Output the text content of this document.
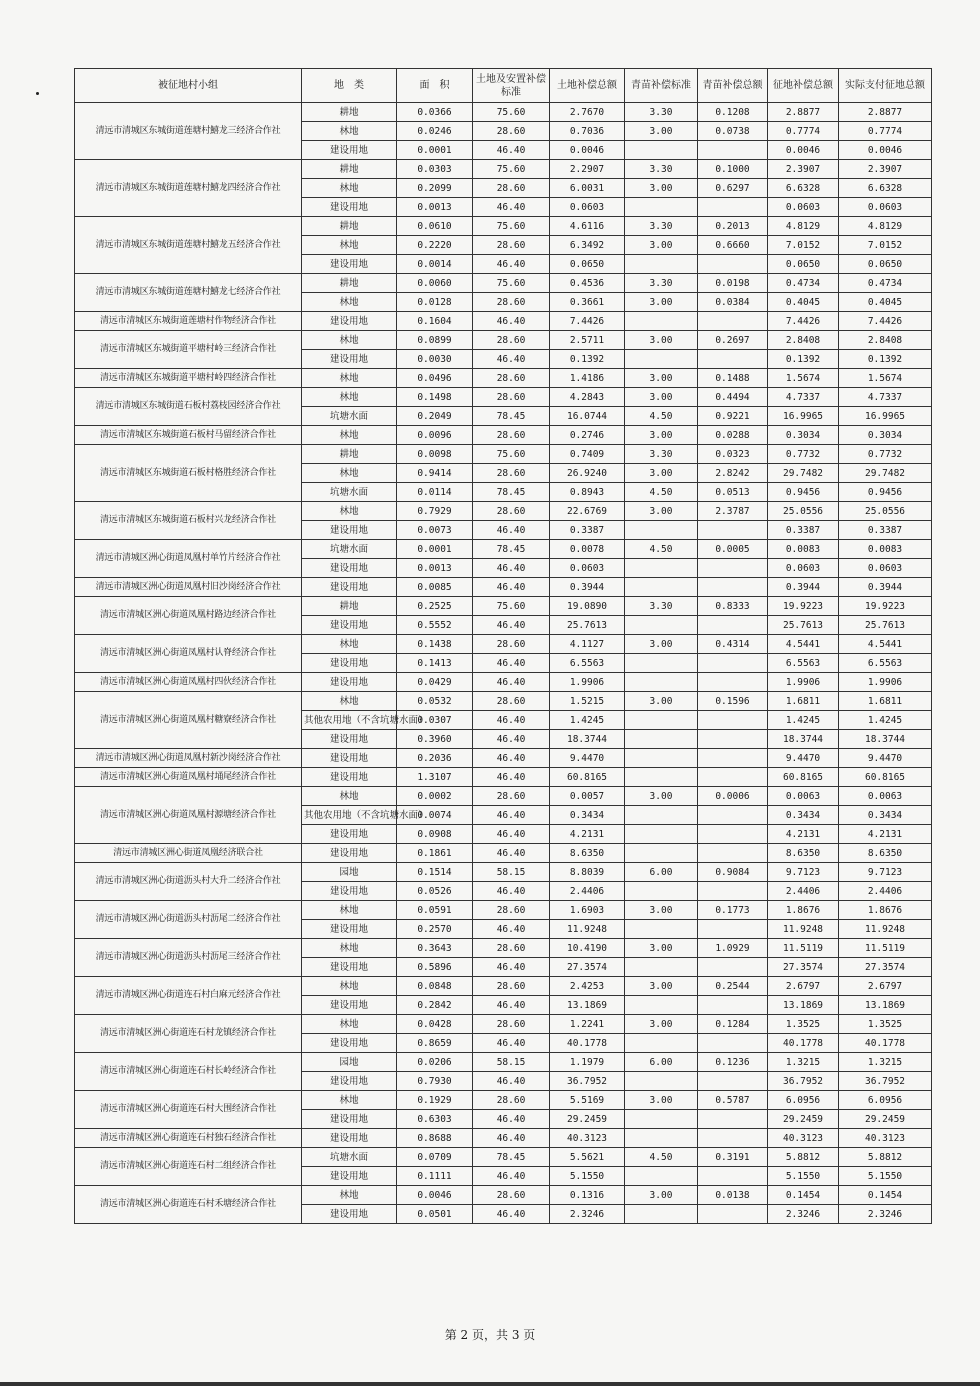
被征地村小组	地　类	面　积	土地及安置补偿标准	土地补偿总额	青苗补偿标准	青苗补偿总额	征地补偿总额	实际支付征地总额
清远市清城区东城街道莲塘村鱚龙三经济合作社	耕地	0.0366	75.60	2.7670	3.30	0.1208	2.8877	2.8877
	林地	0.0246	28.60	0.7036	3.00	0.0738	0.7774	0.7774
	建设用地	0.0001	46.40	0.0046			0.0046	0.0046
清远市清城区东城街道莲塘村鱚龙四经济合作社	耕地	0.0303	75.60	2.2907	3.30	0.1000	2.3907	2.3907
	林地	0.2099	28.60	6.0031	3.00	0.6297	6.6328	6.6328
	建设用地	0.0013	46.40	0.0603			0.0603	0.0603
清远市清城区东城街道莲塘村鱚龙五经济合作社	耕地	0.0610	75.60	4.6116	3.30	0.2013	4.8129	4.8129
	林地	0.2220	28.60	6.3492	3.00	0.6660	7.0152	7.0152
	建设用地	0.0014	46.40	0.0650			0.0650	0.0650
清远市清城区东城街道莲塘村鱚龙七经济合作社	耕地	0.0060	75.60	0.4536	3.30	0.0198	0.4734	0.4734
	林地	0.0128	28.60	0.3661	3.00	0.0384	0.4045	0.4045
清远市清城区东城街道莲塘村作物经济合作社	建设用地	0.1604	46.40	7.4426			7.4426	7.4426
清远市清城区东城街道平塘村岭三经济合作社	林地	0.0899	28.60	2.5711	3.00	0.2697	2.8408	2.8408
	建设用地	0.0030	46.40	0.1392			0.1392	0.1392
清远市清城区东城街道平塘村岭四经济合作社	林地	0.0496	28.60	1.4186	3.00	0.1488	1.5674	1.5674
清远市清城区东城街道石板村荔枝园经济合作社	林地	0.1498	28.60	4.2843	3.00	0.4494	4.7337	4.7337
	坑塘水面	0.2049	78.45	16.0744	4.50	0.9221	16.9965	16.9965
清远市清城区东城街道石板村马留经济合作社	林地	0.0096	28.60	0.2746	3.00	0.0288	0.3034	0.3034
清远市清城区东城街道石板村格胜经济合作社	耕地	0.0098	75.60	0.7409	3.30	0.0323	0.7732	0.7732
	林地	0.9414	28.60	26.9240	3.00	2.8242	29.7482	29.7482
	坑塘水面	0.0114	78.45	0.8943	4.50	0.0513	0.9456	0.9456
清远市清城区东城街道石板村兴龙经济合作社	林地	0.7929	28.60	22.6769	3.00	2.3787	25.0556	25.0556
	建设用地	0.0073	46.40	0.3387			0.3387	0.3387
清远市清城区洲心街道凤凰村单竹片经济合作社	坑塘水面	0.0001	78.45	0.0078	4.50	0.0005	0.0083	0.0083
	建设用地	0.0013	46.40	0.0603			0.0603	0.0603
清远市清城区洲心街道凤凰村旧沙岗经济合作社	建设用地	0.0085	46.40	0.3944			0.3944	0.3944
清远市清城区洲心街道凤凰村路边经济合作社	耕地	0.2525	75.60	19.0890	3.30	0.8333	19.9223	19.9223
	建设用地	0.5552	46.40	25.7613			25.7613	25.7613
清远市清城区洲心街道凤凰村认脊经济合作社	林地	0.1438	28.60	4.1127	3.00	0.4314	4.5441	4.5441
	建设用地	0.1413	46.40	6.5563			6.5563	6.5563
清远市清城区洲心街道凤凰村四伙经济合作社	建设用地	0.0429	46.40	1.9906			1.9906	1.9906
清远市清城区洲心街道凤凰村糖寮经济合作社	林地	0.0532	28.60	1.5215	3.00	0.1596	1.6811	1.6811
	其他农用地（不含坑塘水面）	0.0307	46.40	1.4245			1.4245	1.4245
	建设用地	0.3960	46.40	18.3744			18.3744	18.3744
清远市清城区洲心街道凤凰村新沙岗经济合作社	建设用地	0.2036	46.40	9.4470			9.4470	9.4470
清远市清城区洲心街道凤凰村埇尾经济合作社	建设用地	1.3107	46.40	60.8165			60.8165	60.8165
清远市清城区洲心街道凤凰村源塘经济合作社	林地	0.0002	28.60	0.0057	3.00	0.0006	0.0063	0.0063
	其他农用地（不含坑塘水面）	0.0074	46.40	0.3434			0.3434	0.3434
	建设用地	0.0908	46.40	4.2131			4.2131	4.2131
清远市清城区洲心街道凤凰经济联合社	建设用地	0.1861	46.40	8.6350			8.6350	8.6350
清远市清城区洲心街道沥头村大升二经济合作社	园地	0.1514	58.15	8.8039	6.00	0.9084	9.7123	9.7123
	建设用地	0.0526	46.40	2.4406			2.4406	2.4406
清远市清城区洲心街道沥头村沥尾二经济合作社	林地	0.0591	28.60	1.6903	3.00	0.1773	1.8676	1.8676
	建设用地	0.2570	46.40	11.9248			11.9248	11.9248
清远市清城区洲心街道沥头村沥尾三经济合作社	林地	0.3643	28.60	10.4190	3.00	1.0929	11.5119	11.5119
	建设用地	0.5896	46.40	27.3574			27.3574	27.3574
清远市清城区洲心街道连石村白麻元经济合作社	林地	0.0848	28.60	2.4253	3.00	0.2544	2.6797	2.6797
	建设用地	0.2842	46.40	13.1869			13.1869	13.1869
清远市清城区洲心街道连石村龙镇经济合作社	林地	0.0428	28.60	1.2241	3.00	0.1284	1.3525	1.3525
	建设用地	0.8659	46.40	40.1778			40.1778	40.1778
清远市清城区洲心街道连石村长岭经济合作社	园地	0.0206	58.15	1.1979	6.00	0.1236	1.3215	1.3215
	建设用地	0.7930	46.40	36.7952			36.7952	36.7952
清远市清城区洲心街道连石村大围经济合作社	林地	0.1929	28.60	5.5169	3.00	0.5787	6.0956	6.0956
	建设用地	0.6303	46.40	29.2459			29.2459	29.2459
清远市清城区洲心街道连石村独石经济合作社	建设用地	0.8688	46.40	40.3123			40.3123	40.3123
清远市清城区洲心街道连石村二组经济合作社	坑塘水面	0.0709	78.45	5.5621	4.50	0.3191	5.8812	5.8812
	建设用地	0.1111	46.40	5.1550			5.1550	5.1550
清远市清城区洲心街道连石村禾塘经济合作社	林地	0.0046	28.60	0.1316	3.00	0.0138	0.1454	0.1454
	建设用地	0.0501	46.40	2.3246			2.3246	2.3246
第 2 页，共 3 页
